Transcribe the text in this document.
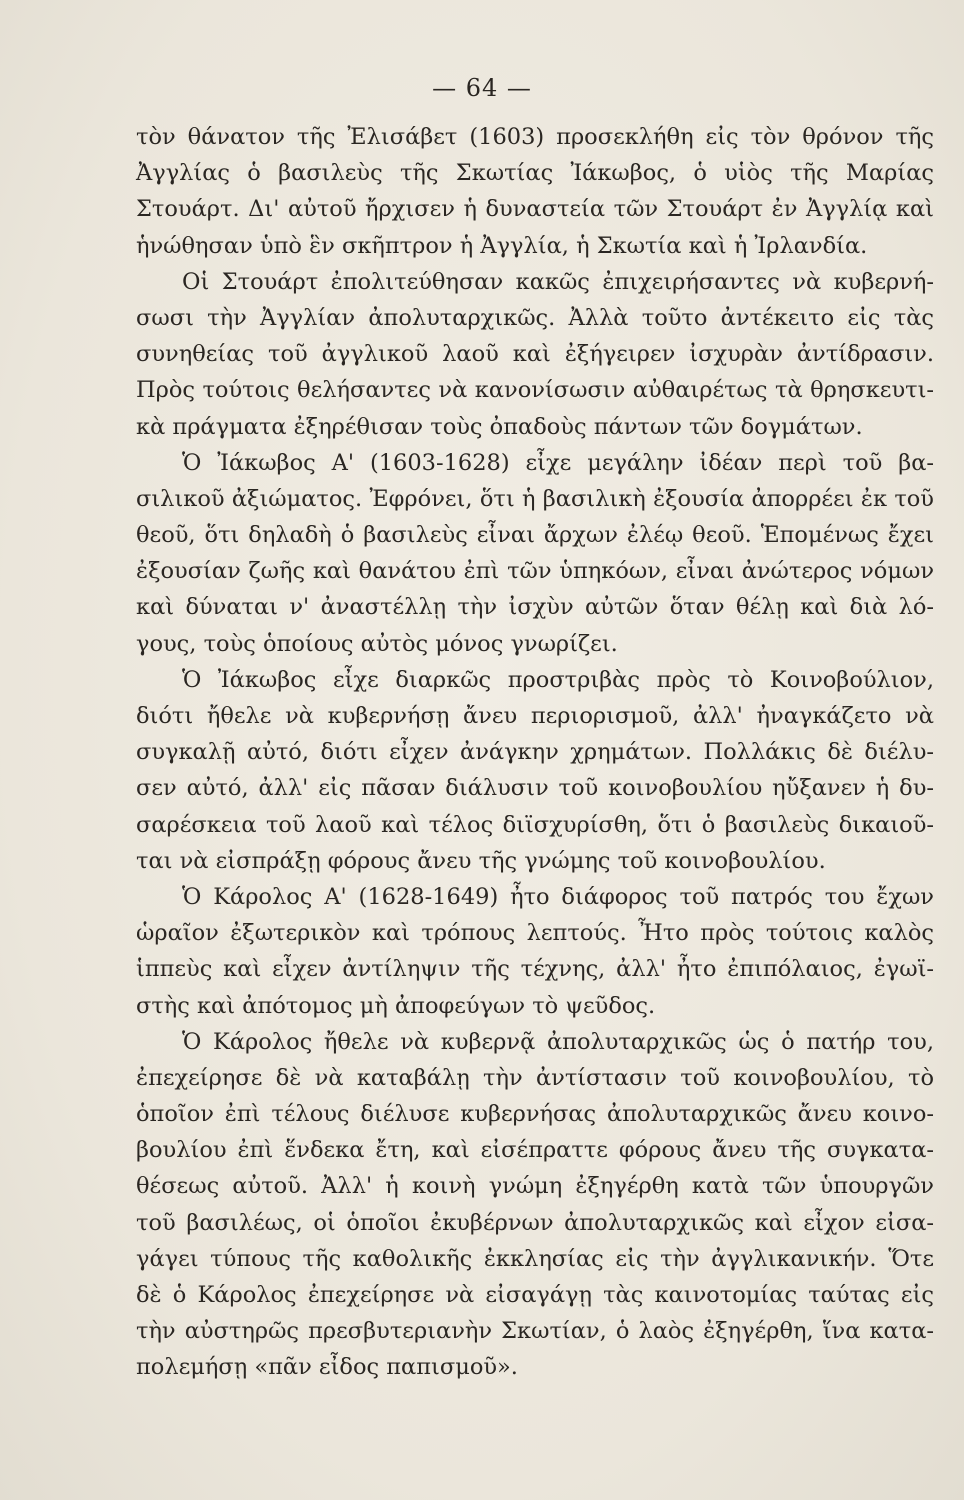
— 64 —
τὸν θάνατον τῆς Ἐλισάβετ (1603) προσεκλήθη εἰς τὸν θρόνον τῆς
Ἀγγλίας ὁ βασιλεὺς τῆς Σκωτίας Ἰάκωβος, ὁ υἱὸς τῆς Μαρίας
Στουάρτ. Δι' αὐτοῦ ἤρχισεν ἡ δυναστεία τῶν Στουάρτ ἐν Ἀγγλίᾳ καὶ
ἡνώθησαν ὑπὸ ἓν σκῆπτρον ἡ Ἀγγλία, ἡ Σκωτία καὶ ἡ Ἰρλανδία.
Οἱ Στουάρτ ἐπολιτεύθησαν κακῶς ἐπιχειρήσαντες νὰ κυβερνή-
σωσι τὴν Ἀγγλίαν ἀπολυταρχικῶς. Ἀλλὰ τοῦτο ἀντέκειτο εἰς τὰς
συνηθείας τοῦ ἀγγλικοῦ λαοῦ καὶ ἐξήγειρεν ἰσχυρὰν ἀντίδρασιν.
Πρὸς τούτοις θελήσαντες νὰ κανονίσωσιν αὐθαιρέτως τὰ θρησκευτι-
κὰ πράγματα ἐξηρέθισαν τοὺς ὀπαδοὺς πάντων τῶν δογμάτων.
Ὁ Ἰάκωβος Α' (1603-1628) εἶχε μεγάλην ἰδέαν περὶ τοῦ βα-
σιλικοῦ ἀξιώματος. Ἐφρόνει, ὅτι ἡ βασιλικὴ ἐξουσία ἀπορρέει ἐκ τοῦ
θεοῦ, ὅτι δηλαδὴ ὁ βασιλεὺς εἶναι ἄρχων ἐλέῳ θεοῦ. Ἑπομένως ἔχει
ἐξουσίαν ζωῆς καὶ θανάτου ἐπὶ τῶν ὑπηκόων, εἶναι ἀνώτερος νόμων
καὶ δύναται ν' ἀναστέλλῃ τὴν ἰσχὺν αὐτῶν ὅταν θέλῃ καὶ διὰ λό-
γους, τοὺς ὁποίους αὐτὸς μόνος γνωρίζει.
Ὁ Ἰάκωβος εἶχε διαρκῶς προστριβὰς πρὸς τὸ Κοινοβούλιον,
διότι ἤθελε νὰ κυβερνήσῃ ἄνευ περιορισμοῦ, ἀλλ' ἠναγκάζετο νὰ
συγκαλῇ αὐτό, διότι εἶχεν ἀνάγκην χρημάτων. Πολλάκις δὲ διέλυ-
σεν αὐτό, ἀλλ' εἰς πᾶσαν διάλυσιν τοῦ κοινοβουλίου ηὔξανεν ἡ δυ-
σαρέσκεια τοῦ λαοῦ καὶ τέλος διϊσχυρίσθη, ὅτι ὁ βασιλεὺς δικαιοῦ-
ται νὰ εἰσπράξῃ φόρους ἄνευ τῆς γνώμης τοῦ κοινοβουλίου.
Ὁ Κάρολος Α' (1628-1649) ἦτο διάφορος τοῦ πατρός του ἔχων
ὡραῖον ἐξωτερικὸν καὶ τρόπους λεπτούς. Ἦτο πρὸς τούτοις καλὸς
ἱππεὺς καὶ εἶχεν ἀντίληψιν τῆς τέχνης, ἀλλ' ἦτο ἐπιπόλαιος, ἐγωϊ-
στὴς καὶ ἀπότομος μὴ ἀποφεύγων τὸ ψεῦδος.
Ὁ Κάρολος ἤθελε νὰ κυβερνᾷ ἀπολυταρχικῶς ὡς ὁ πατήρ του,
ἐπεχείρησε δὲ νὰ καταβάλῃ τὴν ἀντίστασιν τοῦ κοινοβουλίου, τὸ
ὁποῖον ἐπὶ τέλους διέλυσε κυβερνήσας ἀπολυταρχικῶς ἄνευ κοινο-
βουλίου ἐπὶ ἕνδεκα ἔτη, καὶ εἰσέπραττε φόρους ἄνευ τῆς συγκατα-
θέσεως αὐτοῦ. Ἀλλ' ἡ κοινὴ γνώμη ἐξηγέρθη κατὰ τῶν ὑπουργῶν
τοῦ βασιλέως, οἱ ὁποῖοι ἐκυβέρνων ἀπολυταρχικῶς καὶ εἶχον εἰσα-
γάγει τύπους τῆς καθολικῆς ἐκκλησίας εἰς τὴν ἀγγλικανικήν. Ὅτε
δὲ ὁ Κάρολος ἐπεχείρησε νὰ εἰσαγάγῃ τὰς καινοτομίας ταύτας εἰς
τὴν αὐστηρῶς πρεσβυτεριανὴν Σκωτίαν, ὁ λαὸς ἐξηγέρθη, ἵνα κατα-
πολεμήσῃ «πᾶν εἶδος παπισμοῦ».
